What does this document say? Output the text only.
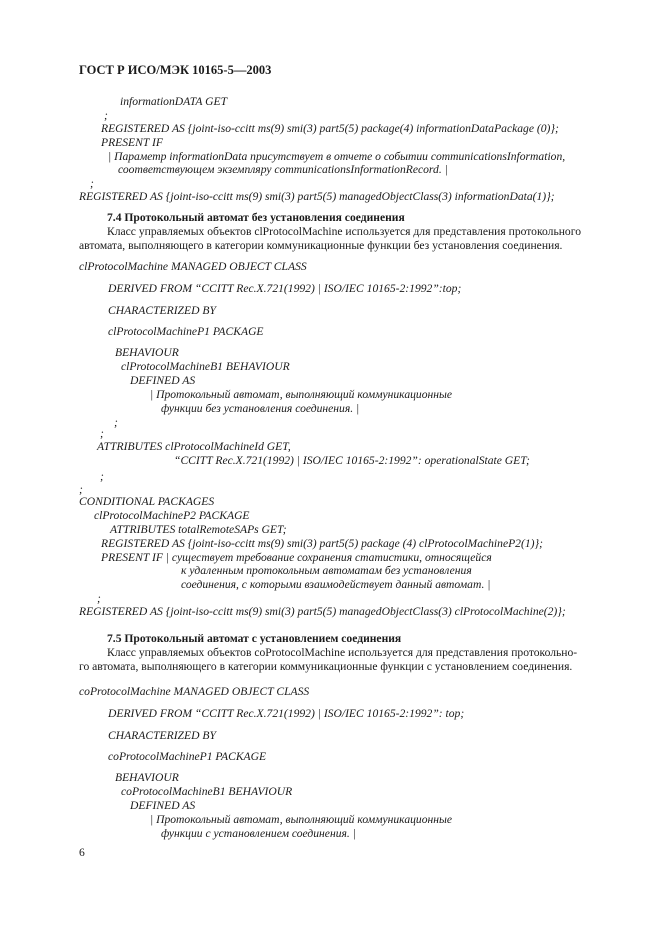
ГОСТ Р ИСО/МЭК 10165-5—2003
informationDATA GET
;
REGISTERED AS {joint-iso-ccitt ms(9) smi(3) part5(5) package(4) informationDataPackage (0)};
PRESENT IF
| Параметр informationData присутствует в отчете о событии communicationsInformation,
соответствующем экземпляру communicationsInformationRecord. |
;
REGISTERED AS {joint-iso-ccitt ms(9) smi(3) part5(5) managedObjectClass(3) informationData(1)};
7.4 Протокольный автомат без установления соединения
Класс управляемых объектов clProtocolMachine используется для представления протокольного
автомата, выполняющего в категории коммуникационные функции без установления соединения.
clProtocolMachine MANAGED OBJECT CLASS
DERIVED FROM “CCITT Rec.X.721(1992) | ISO/IEC 10165-2:1992”:top;
CHARACTERIZED BY
clProtocolMachineP1 PACKAGE
BEHAVIOUR
clProtocolMachineB1 BEHAVIOUR
DEFINED AS
| Протокольный автомат, выполняющий коммуникационные
функции без установления соединения. |
;
;
ATTRIBUTES clProtocolMachineId GET,
“CCITT Rec.X.721(1992) | ISO/IEC 10165-2:1992”: operationalState GET;
;
;
CONDITIONAL PACKAGES
clProtocolMachineP2 PACKAGE
ATTRIBUTES totalRemoteSAPs GET;
REGISTERED AS {joint-iso-ccitt ms(9) smi(3) part5(5) package (4) clProtocolMachineP2(1)};
PRESENT IF | существует требование сохранения статистики, относящейся
к удаленным протокольным автоматам без установления
соединения, с которыми взаимодействует данный автомат. |
;
REGISTERED AS {joint-iso-ccitt ms(9) smi(3) part5(5) managedObjectClass(3) clProtocolMachine(2)};
7.5 Протокольный автомат с установлением соединения
Класс управляемых объектов coProtocolMachine используется для представления протокольно-
го автомата, выполняющего в категории коммуникационные функции с установлением соединения.
coProtocolMachine MANAGED OBJECT CLASS
DERIVED FROM “CCITT Rec.X.721(1992) | ISO/IEC 10165-2:1992”: top;
CHARACTERIZED BY
coProtocolMachineP1 PACKAGE
BEHAVIOUR
coProtocolMachineB1 BEHAVIOUR
DEFINED AS
| Протокольный автомат, выполняющий коммуникационные
функции с установлением соединения. |
6
